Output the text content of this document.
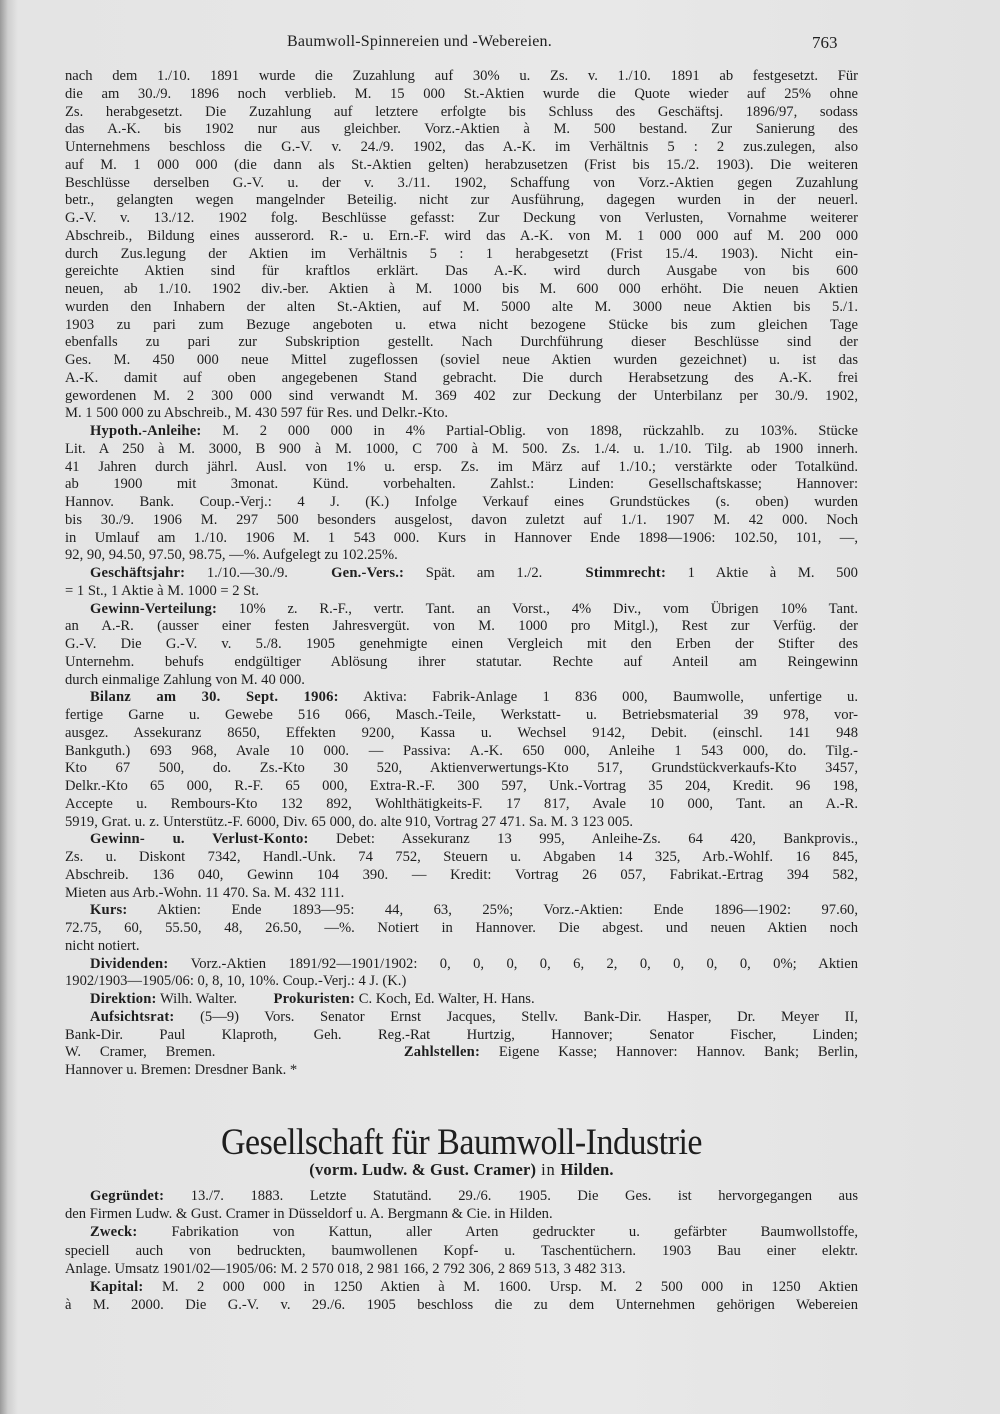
Baumwoll-Spinnereien und -Webereien.	763
nach dem 1./10. 1891 wurde die Zuzahlung auf 30% u. Zs. v. 1./10. 1891 ab festgesetzt. Für
die am 30./9. 1896 noch verblieb. M. 15 000 St.-Aktien wurde die Quote wieder auf 25% ohne
Zs. herabgesetzt. Die Zuzahlung auf letztere erfolgte bis Schluss des Geschäftsj. 1896/97, sodass
das A.-K. bis 1902 nur aus gleichber. Vorz.-Aktien à M. 500 bestand. Zur Sanierung des
Unternehmens beschloss die G.-V. v. 24./9. 1902, das A.-K. im Verhältnis 5 : 2 zus.zulegen, also
auf M. 1 000 000 (die dann als St.-Aktien gelten) herabzusetzen (Frist bis 15./2. 1903). Die weiteren
Beschlüsse derselben G.-V. u. der v. 3./11. 1902, Schaffung von Vorz.-Aktien gegen Zuzahlung
betr., gelangten wegen mangelnder Beteilig. nicht zur Ausführung, dagegen wurden in der neuerl.
G.-V. v. 13./12. 1902 folg. Beschlüsse gefasst: Zur Deckung von Verlusten, Vornahme weiterer
Abschreib., Bildung eines ausserord. R.- u. Ern.-F. wird das A.-K. von M. 1 000 000 auf M. 200 000
durch Zus.legung der Aktien im Verhältnis 5 : 1 herabgesetzt (Frist 15./4. 1903). Nicht ein-
gereichte Aktien sind für kraftlos erklärt. Das A.-K. wird durch Ausgabe von bis 600
neuen, ab 1./10. 1902 div.-ber. Aktien à M. 1000 bis M. 600 000 erhöht. Die neuen Aktien
wurden den Inhabern der alten St.-Aktien, auf M. 5000 alte M. 3000 neue Aktien bis 5./1.
1903 zu pari zum Bezuge angeboten u. etwa nicht bezogene Stücke bis zum gleichen Tage
ebenfalls zu pari zur Subskription gestellt. Nach Durchführung dieser Beschlüsse sind der
Ges. M. 450 000 neue Mittel zugeflossen (soviel neue Aktien wurden gezeichnet) u. ist das
A.-K. damit auf oben angegebenen Stand gebracht. Die durch Herabsetzung des A.-K. frei
gewordenen M. 2 300 000 sind verwandt M. 369 402 zur Deckung der Unterbilanz per 30./9. 1902,
M. 1 500 000 zu Abschreib., M. 430 597 für Res. und Delkr.-Kto.
Hypoth.-Anleihe: M. 2 000 000 in 4% Partial-Oblig. von 1898, rückzahlb. zu 103%. Stücke
Lit. A 250 à M. 3000, B 900 à M. 1000, C 700 à M. 500. Zs. 1./4. u. 1./10. Tilg. ab 1900 innerh.
41 Jahren durch jährl. Ausl. von 1% u. ersp. Zs. im März auf 1./10.; verstärkte oder Totalkünd.
ab 1900 mit 3monat. Künd. vorbehalten. Zahlst.: Linden: Gesellschaftskasse; Hannover:
Hannov. Bank. Coup.-Verj.: 4 J. (K.) Infolge Verkauf eines Grundstückes (s. oben) wurden
bis 30./9. 1906 M. 297 500 besonders ausgelost, davon zuletzt auf 1./1. 1907 M. 42 000. Noch
in Umlauf am 1./10. 1906 M. 1 543 000. Kurs in Hannover Ende 1898—1906: 102.50, 101, —,
92, 90, 94.50, 97.50, 98.75, —%. Aufgelegt zu 102.25%.
Geschäftsjahr: 1./10.—30./9.  Gen.-Vers.: Spät. am 1./2.  Stimmrecht: 1 Aktie à M. 500
= 1 St., 1 Aktie à M. 1000 = 2 St.
Gewinn-Verteilung: 10% z. R.-F., vertr. Tant. an Vorst., 4% Div., vom Übrigen 10% Tant.
an A.-R. (ausser einer festen Jahresvergüt. von M. 1000 pro Mitgl.), Rest zur Verfüg. der
G.-V. Die G.-V. v. 5./8. 1905 genehmigte einen Vergleich mit den Erben der Stifter des
Unternehm. behufs endgültiger Ablösung ihrer statutar. Rechte auf Anteil am Reingewinn
durch einmalige Zahlung von M. 40 000.
Bilanz am 30. Sept. 1906: Aktiva: Fabrik-Anlage 1 836 000, Baumwolle, unfertige u.
fertige Garne u. Gewebe 516 066, Masch.-Teile, Werkstatt- u. Betriebsmaterial 39 978, vor-
ausgez. Assekuranz 8650, Effekten 9200, Kassa u. Wechsel 9142, Debit. (einschl. 141 948
Bankguth.) 693 968, Avale 10 000. — Passiva: A.-K. 650 000, Anleihe 1 543 000, do. Tilg.-
Kto 67 500, do. Zs.-Kto 30 520, Aktienverwertungs-Kto 517, Grundstückverkaufs-Kto 3457,
Delkr.-Kto 65 000, R.-F. 65 000, Extra-R.-F. 300 597, Unk.-Vortrag 35 204, Kredit. 96 198,
Accepte u. Rembours-Kto 132 892, Wohlthätigkeits-F. 17 817, Avale 10 000, Tant. an A.-R.
5919, Grat. u. z. Unterstütz.-F. 6000, Div. 65 000, do. alte 910, Vortrag 27 471. Sa. M. 3 123 005.
Gewinn- u. Verlust-Konto: Debet: Assekuranz 13 995, Anleihe-Zs. 64 420, Bankprovis.,
Zs. u. Diskont 7342, Handl.-Unk. 74 752, Steuern u. Abgaben 14 325, Arb.-Wohlf. 16 845,
Abschreib. 136 040, Gewinn 104 390. — Kredit: Vortrag 26 057, Fabrikat.-Ertrag 394 582,
Mieten aus Arb.-Wohn. 11 470. Sa. M. 432 111.
Kurs: Aktien: Ende 1893—95: 44, 63, 25%; Vorz.-Aktien: Ende 1896—1902: 97.60,
72.75, 60, 55.50, 48, 26.50, —%. Notiert in Hannover. Die abgest. und neuen Aktien noch
nicht notiert.
Dividenden: Vorz.-Aktien 1891/92—1901/1902: 0, 0, 0, 0, 6, 2, 0, 0, 0, 0, 0%; Aktien
1902/1903—1905/06: 0, 8, 10, 10%. Coup.-Verj.: 4 J. (K.)
Direktion: Wilh. Walter.          Prokuristen: C. Koch, Ed. Walter, H. Hans.
Aufsichtsrat: (5—9) Vors. Senator Ernst Jacques, Stellv. Bank-Dir. Hasper, Dr. Meyer II,
Bank-Dir. Paul Klaproth, Geh. Reg.-Rat Hurtzig, Hannover; Senator Fischer, Linden;
W. Cramer, Bremen.          Zahlstellen: Eigene Kasse; Hannover: Hannov. Bank; Berlin,
Hannover u. Bremen: Dresdner Bank. *
Gesellschaft für Baumwoll-Industrie
(vorm. Ludw. & Gust. Cramer) in Hilden.
Gegründet: 13./7. 1883. Letzte Statutänd. 29./6. 1905. Die Ges. ist hervorgegangen aus
den Firmen Ludw. & Gust. Cramer in Düsseldorf u. A. Bergmann & Cie. in Hilden.
Zweck: Fabrikation von Kattun, aller Arten gedruckter u. gefärbter Baumwollstoffe,
speciell auch von bedruckten, baumwollenen Kopf- u. Taschentüchern. 1903 Bau einer elektr.
Anlage. Umsatz 1901/02—1905/06: M. 2 570 018, 2 981 166, 2 792 306, 2 869 513, 3 482 313.
Kapital: M. 2 000 000 in 1250 Aktien à M. 1600. Ursp. M. 2 500 000 in 1250 Aktien
à M. 2000. Die G.-V. v. 29./6. 1905 beschloss die zu dem Unternehmen gehörigen Webereien
